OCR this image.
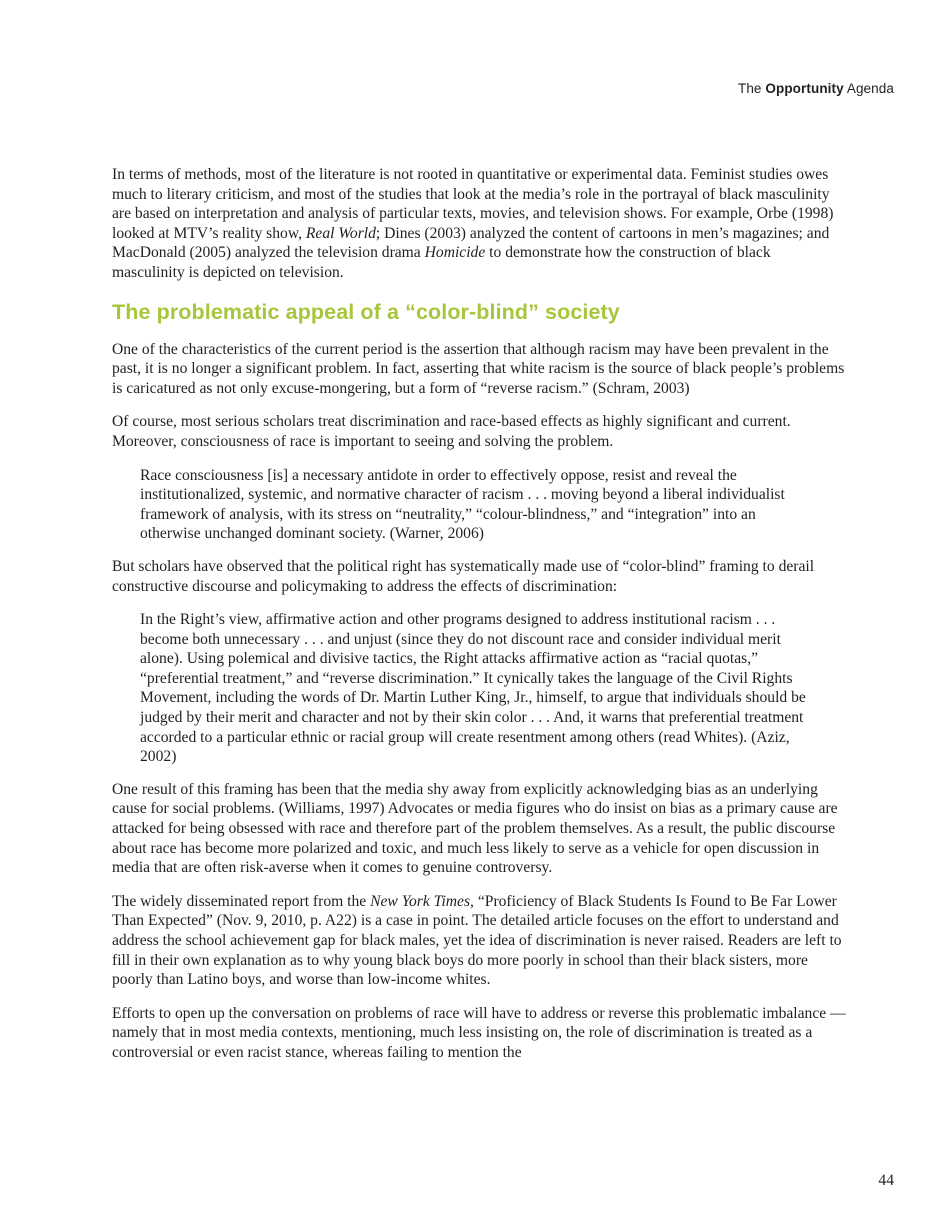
The Opportunity Agenda

In terms of methods, most of the literature is not rooted in quantitative or experimental data. Feminist studies owes much to literary criticism, and most of the studies that look at the media’s role in the portrayal of black masculinity are based on interpretation and analysis of particular texts, movies, and television shows. For example, Orbe (1998) looked at MTV’s reality show, Real World; Dines (2003) analyzed the content of cartoons in men’s magazines; and MacDonald (2005) analyzed the television drama Homicide to demonstrate how the construction of black masculinity is depicted on television.

The problematic appeal of a “color-blind” society

One of the characteristics of the current period is the assertion that although racism may have been prevalent in the past, it is no longer a significant problem. In fact, asserting that white racism is the source of black people’s problems is caricatured as not only excuse-mongering, but a form of “reverse racism.” (Schram, 2003)

Of course, most serious scholars treat discrimination and race-based effects as highly significant and current. Moreover, consciousness of race is important to seeing and solving the problem.

Race consciousness [is] a necessary antidote in order to effectively oppose, resist and reveal the institutionalized, systemic, and normative character of racism . . . moving beyond a liberal individualist framework of analysis, with its stress on “neutrality,” “colour-blindness,” and “integration” into an otherwise unchanged dominant society. (Warner, 2006)

But scholars have observed that the political right has systematically made use of “color-blind” framing to derail constructive discourse and policymaking to address the effects of discrimination:

In the Right’s view, affirmative action and other programs designed to address institutional racism . . . become both unnecessary . . . and unjust (since they do not discount race and consider individual merit alone). Using polemical and divisive tactics, the Right attacks affirmative action as “racial quotas,” “preferential treatment,” and “reverse discrimination.” It cynically takes the language of the Civil Rights Movement, including the words of Dr. Martin Luther King, Jr., himself, to argue that individuals should be judged by their merit and character and not by their skin color . . . And, it warns that preferential treatment accorded to a particular ethnic or racial group will create resentment among others (read Whites). (Aziz, 2002)

One result of this framing has been that the media shy away from explicitly acknowledging bias as an underlying cause for social problems. (Williams, 1997) Advocates or media figures who do insist on bias as a primary cause are attacked for being obsessed with race and therefore part of the problem themselves. As a result, the public discourse about race has become more polarized and toxic, and much less likely to serve as a vehicle for open discussion in media that are often risk-averse when it comes to genuine controversy.

The widely disseminated report from the New York Times, “Proficiency of Black Students Is Found to Be Far Lower Than Expected” (Nov. 9, 2010, p. A22) is a case in point. The detailed article focuses on the effort to understand and address the school achievement gap for black males, yet the idea of discrimination is never raised. Readers are left to fill in their own explanation as to why young black boys do more poorly in school than their black sisters, more poorly than Latino boys, and worse than low-income whites.

Efforts to open up the conversation on problems of race will have to address or reverse this problematic imbalance — namely that in most media contexts, mentioning, much less insisting on, the role of discrimination is treated as a controversial or even racist stance, whereas failing to mention the

44
